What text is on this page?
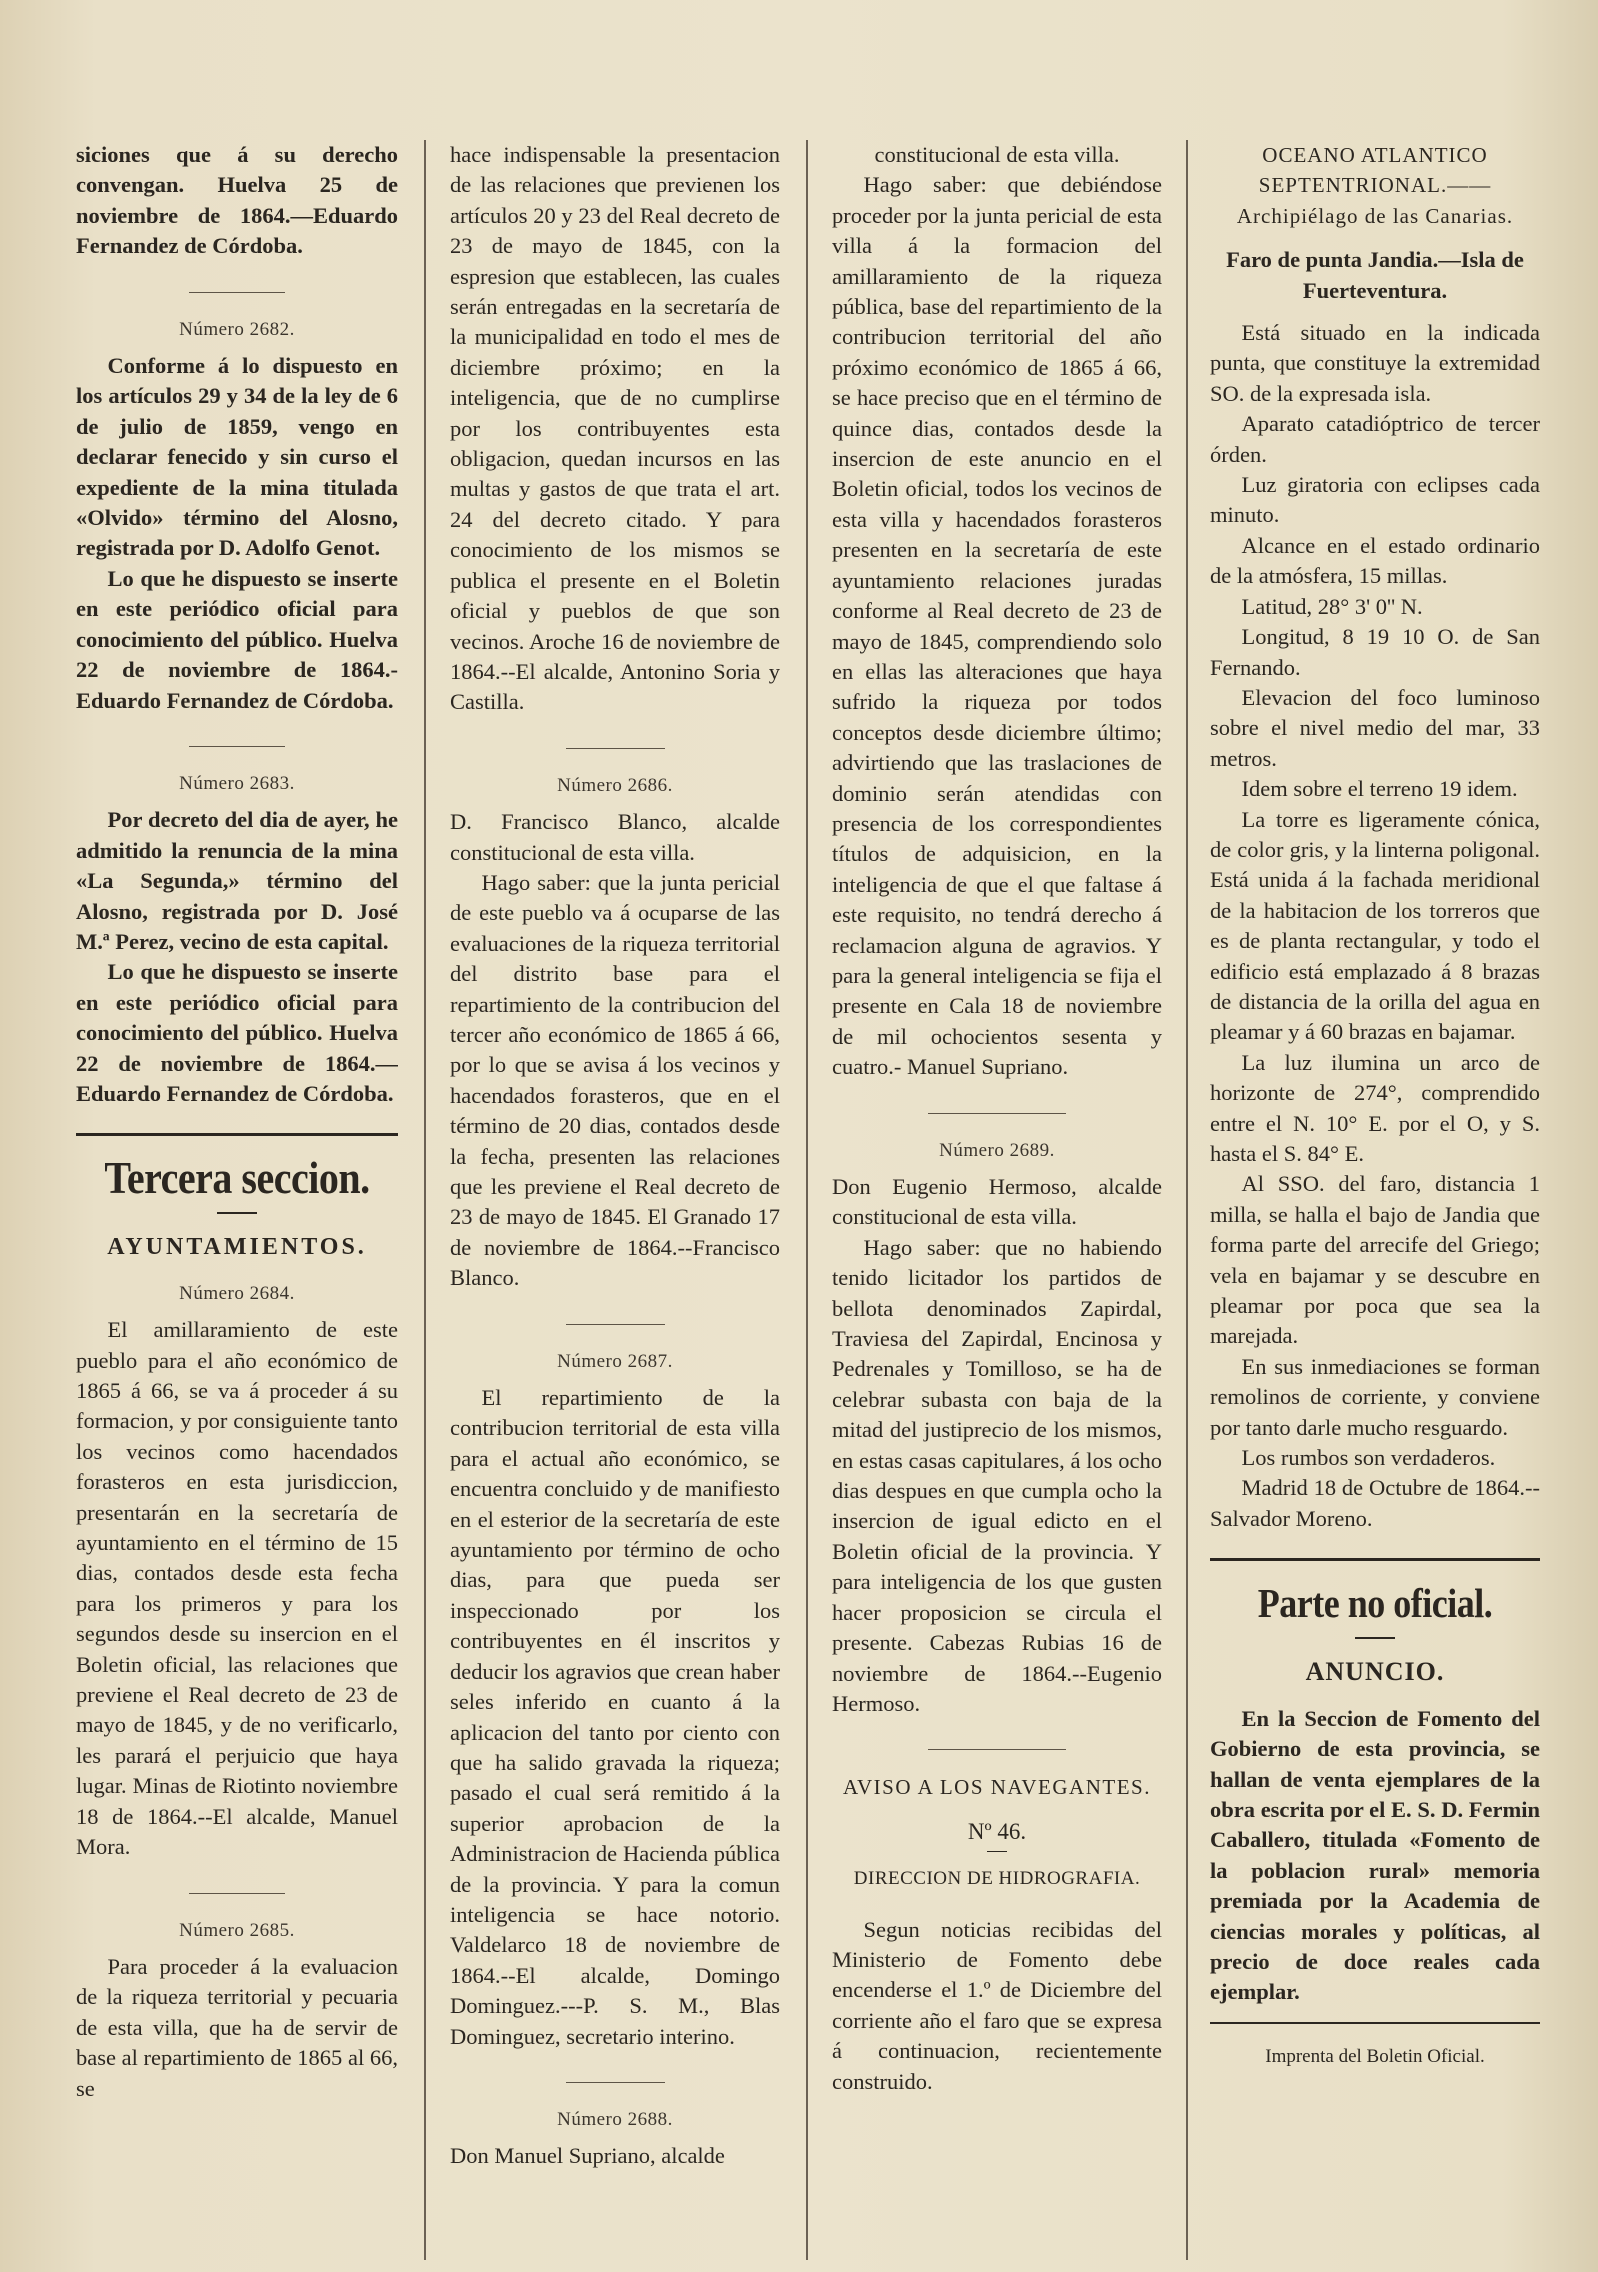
siciones que á su derecho convengan. Huelva 25 de noviembre de 1864.—Eduardo Fernandez de Córdoba.

Número 2682.

Conforme á lo dispuesto en los artículos 29 y 34 de la ley de 6 de julio de 1859, vengo en declarar fenecido y sin curso el expediente de la mina titulada «Olvido» término del Alosno, registrada por D. Adolfo Genot.

Lo que he dispuesto se inserte en este periódico oficial para conocimiento del público. Huelva 22 de noviembre de 1864.-Eduardo Fernandez de Córdoba.

Número 2683.

Por decreto del dia de ayer, he admitido la renuncia de la mina «La Segunda,» término del Alosno, registrada por D. José M.ª Perez, vecino de esta capital.

Lo que he dispuesto se inserte en este periódico oficial para conocimiento del público. Huelva 22 de noviembre de 1864.—Eduardo Fernandez de Córdoba.

Tercera seccion.
AYUNTAMIENTOS.
Número 2684.

El amillaramiento de este pueblo para el año económico de 1865 á 66, se va á proceder á su formacion, y por consiguiente tanto los vecinos como hacendados forasteros en esta jurisdiccion, presentarán en la secretaría de ayuntamiento en el término de 15 dias, contados desde esta fecha para los primeros y para los segundos desde su insercion en el Boletin oficial, las relaciones que previene el Real decreto de 23 de mayo de 1845, y de no verificarlo, les parará el perjuicio que haya lugar. Minas de Riotinto noviembre 18 de 1864.--El alcalde, Manuel Mora.

Número 2685.

Para proceder á la evaluacion de la riqueza territorial y pecuaria de esta villa, que ha de servir de base al repartimiento de 1865 al 66, se

hace indispensable la presentacion de las relaciones que previenen los artículos 20 y 23 del Real decreto de 23 de mayo de 1845, con la espresion que establecen, las cuales serán entregadas en la secretaría de la municipalidad en todo el mes de diciembre próximo; en la inteligencia, que de no cumplirse por los contribuyentes esta obligacion, quedan incursos en las multas y gastos de que trata el art. 24 del decreto citado. Y para conocimiento de los mismos se publica el presente en el Boletin oficial y pueblos de que son vecinos. Aroche 16 de noviembre de 1864.--El alcalde, Antonino Soria y Castilla.

Número 2686.

D. Francisco Blanco, alcalde constitucional de esta villa.

Hago saber: que la junta pericial de este pueblo va á ocuparse de las evaluaciones de la riqueza territorial del distrito base para el repartimiento de la contribucion del tercer año económico de 1865 á 66, por lo que se avisa á los vecinos y hacendados forasteros, que en el término de 20 dias, contados desde la fecha, presenten las relaciones que les previene el Real decreto de 23 de mayo de 1845. El Granado 17 de noviembre de 1864.--Francisco Blanco.

Número 2687.

El repartimiento de la contribucion territorial de esta villa para el actual año económico, se encuentra concluido y de manifiesto en el esterior de la secretaría de este ayuntamiento por término de ocho dias, para que pueda ser inspeccionado por los contribuyentes en él inscritos y deducir los agravios que crean haber seles inferido en cuanto á la aplicacion del tanto por ciento con que ha salido gravada la riqueza; pasado el cual será remitido á la superior aprobacion de la Administracion de Hacienda pública de la provincia. Y para la comun inteligencia se hace notorio. Valdelarco 18 de noviembre de 1864.--El alcalde, Domingo Dominguez.---P. S. M., Blas Dominguez, secretario interino.

Número 2688.

Don Manuel Supriano, alcalde

constitucional de esta villa.

Hago saber: que debiéndose proceder por la junta pericial de esta villa á la formacion del amillaramiento de la riqueza pública, base del repartimiento de la contribucion territorial del año próximo económico de 1865 á 66, se hace preciso que en el término de quince dias, contados desde la insercion de este anuncio en el Boletin oficial, todos los vecinos de esta villa y hacendados forasteros presenten en la secretaría de este ayuntamiento relaciones juradas conforme al Real decreto de 23 de mayo de 1845, comprendiendo solo en ellas las alteraciones que haya sufrido la riqueza por todos conceptos desde diciembre último; advirtiendo que las traslaciones de dominio serán atendidas con presencia de los correspondientes títulos de adquisicion, en la inteligencia de que el que faltase á este requisito, no tendrá derecho á reclamacion alguna de agravios. Y para la general inteligencia se fija el presente en Cala 18 de noviembre de mil ochocientos sesenta y cuatro.- Manuel Supriano.

Número 2689.

Don Eugenio Hermoso, alcalde constitucional de esta villa.

Hago saber: que no habiendo tenido licitador los partidos de bellota denominados Zapirdal, Traviesa del Zapirdal, Encinosa y Pedrenales y Tomilloso, se ha de celebrar subasta con baja de la mitad del justiprecio de los mismos, en estas casas capitulares, á los ocho dias despues en que cumpla ocho la insercion de igual edicto en el Boletin oficial de la provincia. Y para inteligencia de los que gusten hacer proposicion se circula el presente. Cabezas Rubias 16 de noviembre de 1864.--Eugenio Hermoso.

AVISO A LOS NAVEGANTES.
Nº 46.
DIRECCION DE HIDROGRAFIA.

Segun noticias recibidas del Ministerio de Fomento debe encenderse el 1.º de Diciembre del corriente año el faro que se expresa á continuacion, recientemente construido.

OCEANO ATLANTICO SEPTENTRIONAL.——Archipiélago de las Canarias.

Faro de punta Jandia.—Isla de Fuerteventura.

Está situado en la indicada punta, que constituye la extremidad SO. de la expresada isla.

Aparato catadióptrico de tercer órden.

Luz giratoria con eclipses cada minuto.

Alcance en el estado ordinario de la atmósfera, 15 millas.

Latitud, 28° 3' 0'' N.

Longitud, 8 19 10 O. de San Fernando.

Elevacion del foco luminoso sobre el nivel medio del mar, 33 metros.

Idem sobre el terreno 19 idem.

La torre es ligeramente cónica, de color gris, y la linterna poligonal. Está unida á la fachada meridional de la habitacion de los torreros que es de planta rectangular, y todo el edificio está emplazado á 8 brazas de distancia de la orilla del agua en pleamar y á 60 brazas en bajamar.

La luz ilumina un arco de horizonte de 274°, comprendido entre el N. 10° E. por el O, y S. hasta el S. 84° E.

Al SSO. del faro, distancia 1 milla, se halla el bajo de Jandia que forma parte del arrecife del Griego; vela en bajamar y se descubre en pleamar por poca que sea la marejada.

En sus inmediaciones se forman remolinos de corriente, y conviene por tanto darle mucho resguardo.

Los rumbos son verdaderos.

Madrid 18 de Octubre de 1864.--Salvador Moreno.

Parte no oficial.
ANUNCIO.

En la Seccion de Fomento del Gobierno de esta provincia, se hallan de venta ejemplares de la obra escrita por el E. S. D. Fermin Caballero, titulada «Fomento de la poblacion rural» memoria premiada por la Academia de ciencias morales y políticas, al precio de doce reales cada ejemplar.

Imprenta del Boletin Oficial.
